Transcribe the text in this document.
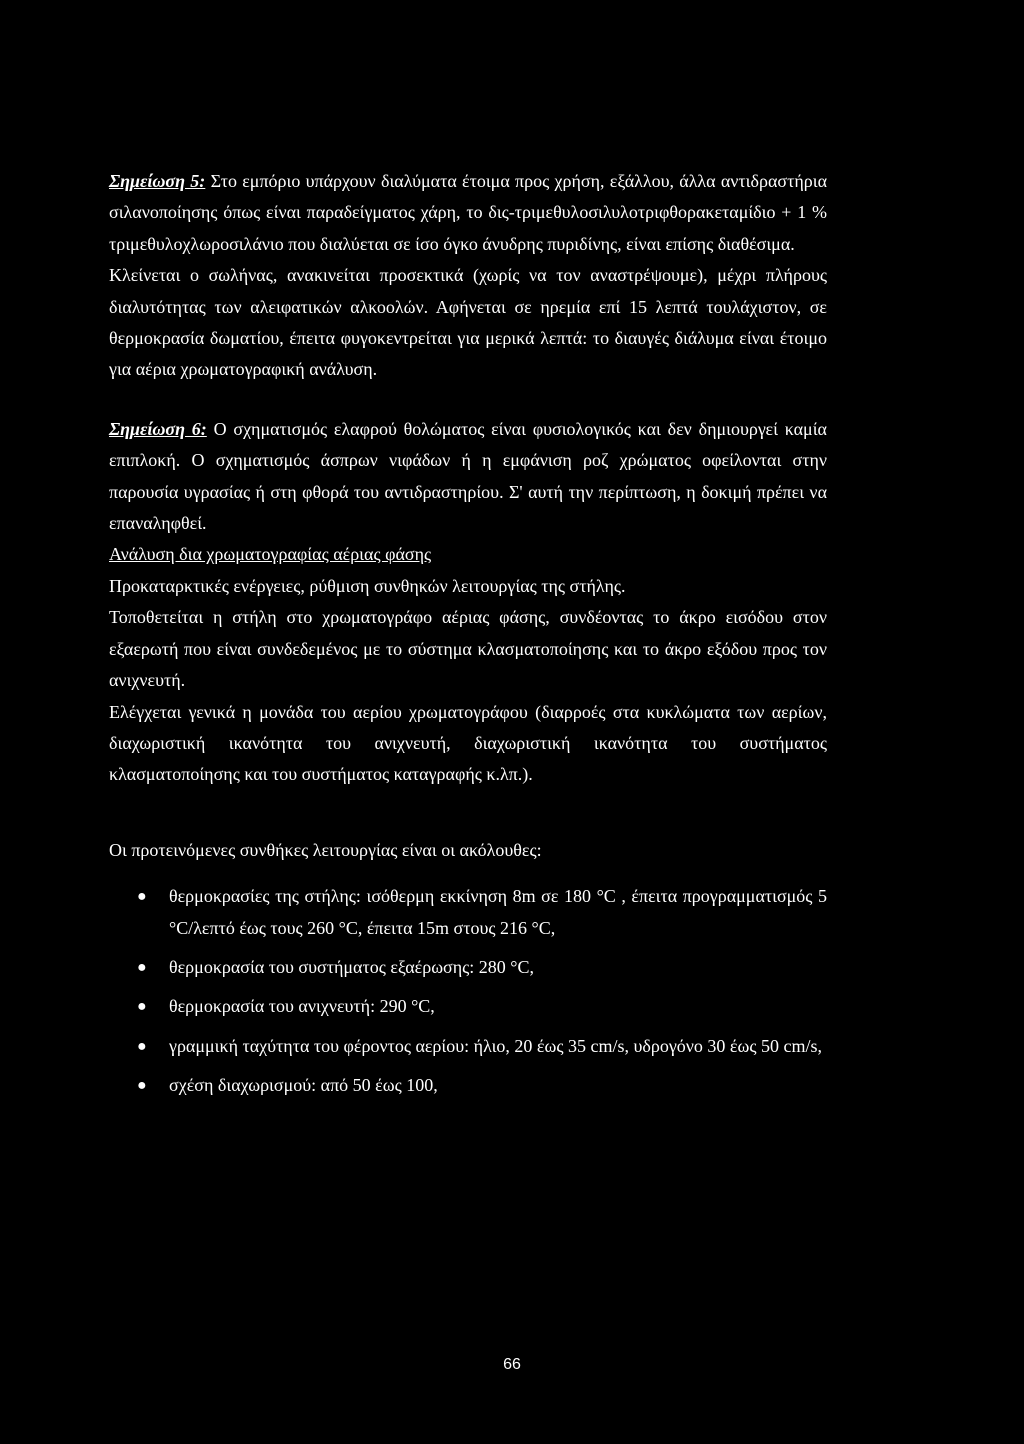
Σημείωση 5: Στο εμπόριο υπάρχουν διαλύματα έτοιμα προς χρήση, εξάλλου, άλλα αντιδραστήρια σιλανοποίησης όπως είναι παραδείγματος χάρη, το δις-τριμεθυλοσιλυλοτριφθορακεταμίδιο + 1 % τριμεθυλοχλωροσιλάνιο που διαλύεται σε ίσο όγκο άνυδρης πυριδίνης, είναι επίσης διαθέσιμα.

Κλείνεται ο σωλήνας, ανακινείται προσεκτικά (χωρίς να τον αναστρέψουμε), μέχρι πλήρους διαλυτότητας των αλειφατικών αλκοολών. Αφήνεται σε ηρεμία επί 15 λεπτά τουλάχιστον, σε θερμοκρασία δωματίου, έπειτα φυγοκεντρείται για μερικά λεπτά: το διαυγές διάλυμα είναι έτοιμο για αέρια χρωματογραφική ανάλυση.

Σημείωση 6: Ο σχηματισμός ελαφρού θολώματος είναι φυσιολογικός και δεν δημιουργεί καμία επιπλοκή. Ο σχηματισμός άσπρων νιφάδων ή η εμφάνιση ροζ χρώματος οφείλονται στην παρουσία υγρασίας ή στη φθορά του αντιδραστηρίου. Σ' αυτή την περίπτωση, η δοκιμή πρέπει να επαναληφθεί.

Ανάλυση δια χρωματογραφίας αέριας φάσης

Προκαταρκτικές ενέργειες, ρύθμιση συνθηκών λειτουργίας της στήλης.

Τοποθετείται η στήλη στο χρωματογράφο αέριας φάσης, συνδέοντας το άκρο εισόδου στον εξαερωτή που είναι συνδεδεμένος με το σύστημα κλασματοποίησης και το άκρο εξόδου προς τον ανιχνευτή.

Ελέγχεται γενικά η μονάδα του αερίου χρωματογράφου (διαρροές στα κυκλώματα των αερίων, διαχωριστική ικανότητα του ανιχνευτή, διαχωριστική ικανότητα του συστήματος κλασματοποίησης και του συστήματος καταγραφής κ.λπ.).

Οι προτεινόμενες συνθήκες λειτουργίας είναι οι ακόλουθες:

● θερμοκρασίες της στήλης: ισόθερμη εκκίνηση 8m σε 180 °C , έπειτα προγραμματισμός 5 °C/λεπτό έως τους 260 °C, έπειτα 15m στους 216 °C,
● θερμοκρασία του συστήματος εξαέρωσης: 280 °C,
● θερμοκρασία του ανιχνευτή: 290 °C,
● γραμμική ταχύτητα του φέροντος αερίου: ήλιο, 20 έως 35 cm/s, υδρογόνο 30 έως 50 cm/s,
● σχέση διαχωρισμού: από 50 έως 100,
66
